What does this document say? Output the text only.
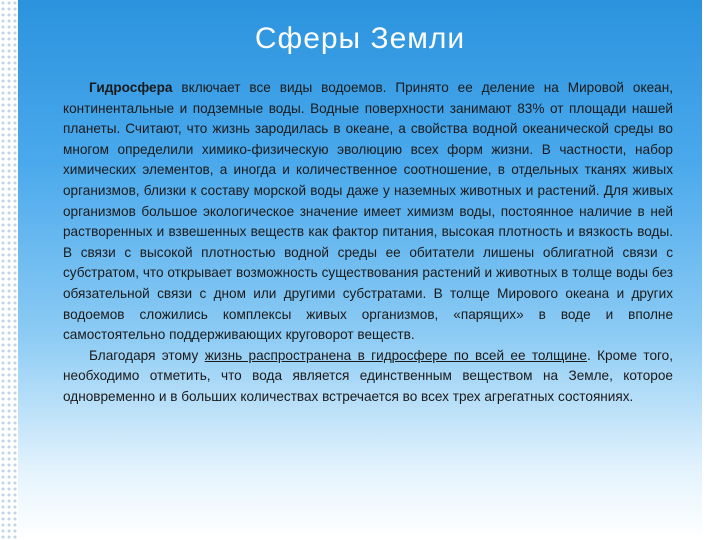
Сферы Земли

Гидросфера включает все виды водоемов. Принято ее деление на Мировой океан, континентальные и подземные воды. Водные поверхности занимают 83% от площади нашей планеты. Считают, что жизнь зародилась в океане, а свойства водной океанической среды во многом определили химико-физическую эволюцию всех форм жизни. В частности, набор химических элементов, а иногда и количественное соотношение, в отдельных тканях живых организмов, близки к составу морской воды даже у наземных животных и растений. Для живых организмов большое экологическое значение имеет химизм воды, постоянное наличие в ней растворенных и взвешенных веществ как фактор питания, высокая плотность и вязкость воды. В связи с высокой плотностью водной среды ее обитатели лишены облигатной связи с субстратом, что открывает возможность существования растений и животных в толще воды без обязательной связи с дном или другими субстратами. В толще Мирового океана и других водоемов сложились комплексы живых организмов, «парящих» в воде и вполне самостоятельно поддерживающих круговорот веществ.

Благодаря этому жизнь распространена в гидросфере по всей ее толщине. Кроме того, необходимо отметить, что вода является единственным веществом на Земле, которое одновременно и в больших количествах встречается во всех трех агрегатных состояниях.
